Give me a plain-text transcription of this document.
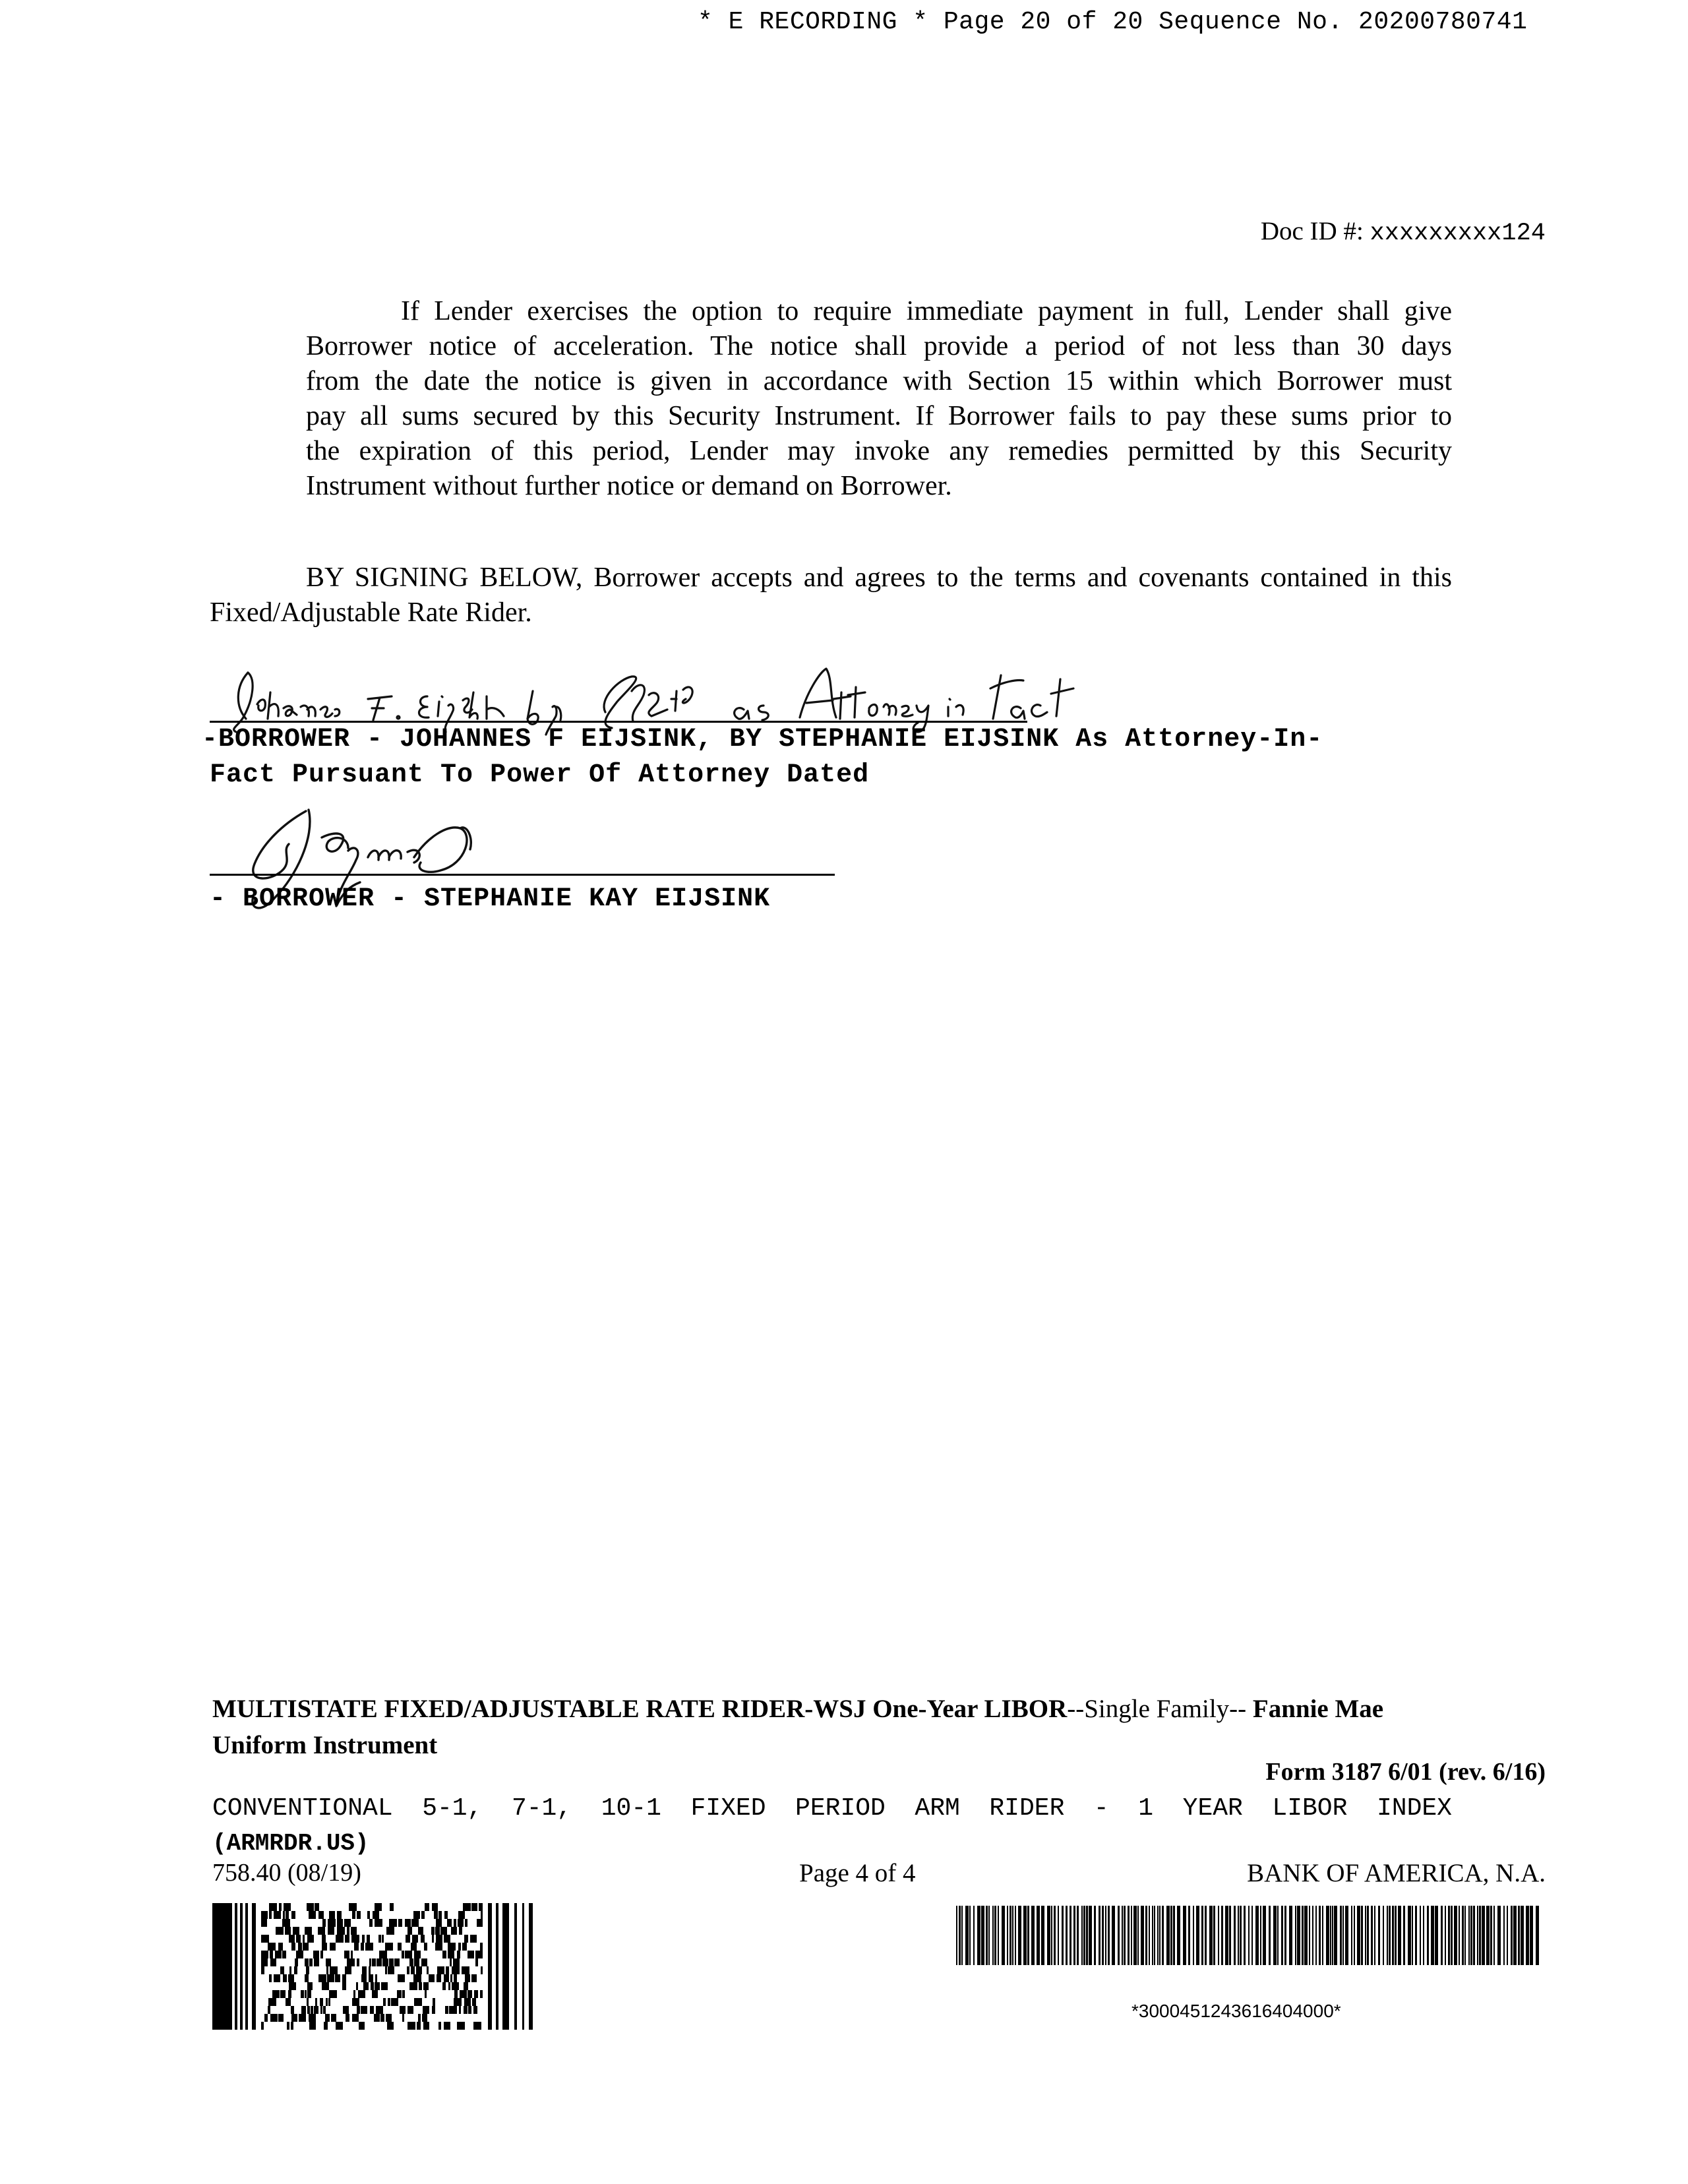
* E RECORDING * Page 20 of 20 Sequence No. 20200780741
Doc ID #: xxxxxxxxx124
If Lender exercises the option to require immediate payment in full, Lender shall give
Borrower notice of acceleration. The notice shall provide a period of not less than 30 days
from the date the notice is given in accordance with Section 15 within which Borrower must
pay all sums secured by this Security Instrument. If Borrower fails to pay these sums prior to
the expiration of this period, Lender may invoke any remedies permitted by this Security
Instrument without further notice or demand on Borrower.
BY SIGNING BELOW, Borrower accepts and agrees to the terms and covenants contained in this
Fixed/Adjustable Rate Rider.
-BORROWER - JOHANNES F EIJSINK, BY STEPHANIE EIJSINK As Attorney-In-
Fact Pursuant To Power Of Attorney Dated
- BORROWER - STEPHANIE KAY EIJSINK
MULTISTATE FIXED/ADJUSTABLE RATE RIDER-WSJ One-Year LIBOR--Single Family-- Fannie Mae
Uniform Instrument
Form 3187 6/01 (rev. 6/16)
CONVENTIONAL 5-1, 7-1, 10-1 FIXED PERIOD ARM RIDER - 1 YEAR LIBOR INDEX
(ARMRDR.US)
758.40 (08/19)	Page 4 of 4	BANK OF AMERICA, N.A.
*3000451243616404000*
